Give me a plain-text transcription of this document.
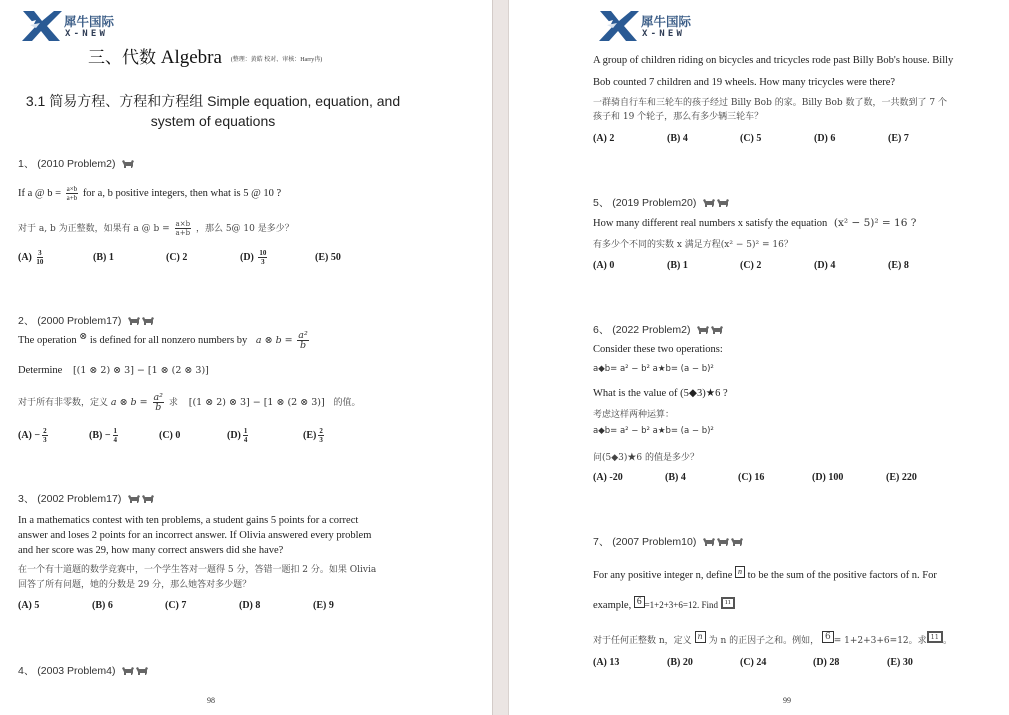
犀牛国际
X-NEW
三、代数 Algebra (整理：黄皓 校对、审核：Harry冉)
3.1 简易方程、方程和方程组 Simple equation, equation, and
system of equations
1、 (2010 Problem2)
If a @ $b = \frac{a\times b}{a+b}$ for a, b positive integers, then what is 5 @ 10 ?
对于 a, b 为正整数，如果有 a @ $b = \frac{a\times b}{a+b}$ ，那么 5@ 10 是多少？
$(A) \frac{3}{10}$	(B) 1	(C) 2	$(D) \frac{10}{3}$	(E) 50
2、 (2000 Problem17)
The operation ⊗ is defined for all nonzero numbers by a ⊗ $b = \frac{\text{a²}}{b}$
Determine [(1 ⊗ 2) ⊗ 3] − [1 ⊗ (2 ⊗ 3)]
对于所有非零数，定义 a ⊗ $b = \frac{\text{a²}}{b}$ 求 [(1 ⊗ 2) ⊗ 3] − [1 ⊗ (2 ⊗ 3)] 的值。
$(A) - \frac{2}{3}$	$(B) - \frac{1}{4}$	(C) 0	$(D) \frac{1}{4}$	$(E) \frac{2}{3}$
3、 (2002 Problem17)
In a mathematics contest with ten problems, a student gains 5 points for a correct
answer and loses 2 points for an incorrect answer. If Olivia answered every problem
and her score was 29, how many correct answers did she have?
在一个有十道题的数学竞赛中，一个学生答对一题得 5 分，答错一题扣 2 分。如果 Olivia
回答了所有问题，她的分数是 29 分，那么她答对多少题？
(A) 5	(B) 6	(C) 7	(D) 8	(E) 9
4、 (2003 Problem4)
98
犀牛国际
X-NEW
A group of children riding on bicycles and tricycles rode past Billy Bob's house. Billy
Bob counted 7 children and 19 wheels. How many tricycles were there?
一群骑自行车和三轮车的孩子经过 Billy Bob 的家。Billy Bob 数了数，一共数到了 7 个
孩子和 19 个轮子，那么有多少辆三轮车？
(A) 2	(B) 4	(C) 5	(D) 6	(E) 7
5、 (2019 Problem20)
How many different real numbers x satisfy the equation (x² − 5)² = 16 ?
有多少个不同的实数 x 满足方程(x² − 5)² = 16？
(A) 0	(B) 1	(C) 2	(D) 4	(E) 8
6、 (2022 Problem2)
Consider these two operations:
a◆b= a² − b² a★b= (a − b)²
What is the value of (5◆3)★6 ?
考虑这样两种运算：
a◆b= a² − b² a★b= (a − b)²
问(5◆3)★6 的值是多少？
(A) -20	(B) 4	(C) 16	(D) 100	(E) 220
7、 (2007 Problem10)
For any positive integer n, define n to be the sum of the positive factors of n. For
example, 6 =1+2+3+6=12. Find 11
对于任何正整数 n，定义 n 为 n 的正因子之和。例如， 6 = 1+2+3+6=12。求 11 。
(A) 13	(B) 20	(C) 24	(D) 28	(E) 30
99
